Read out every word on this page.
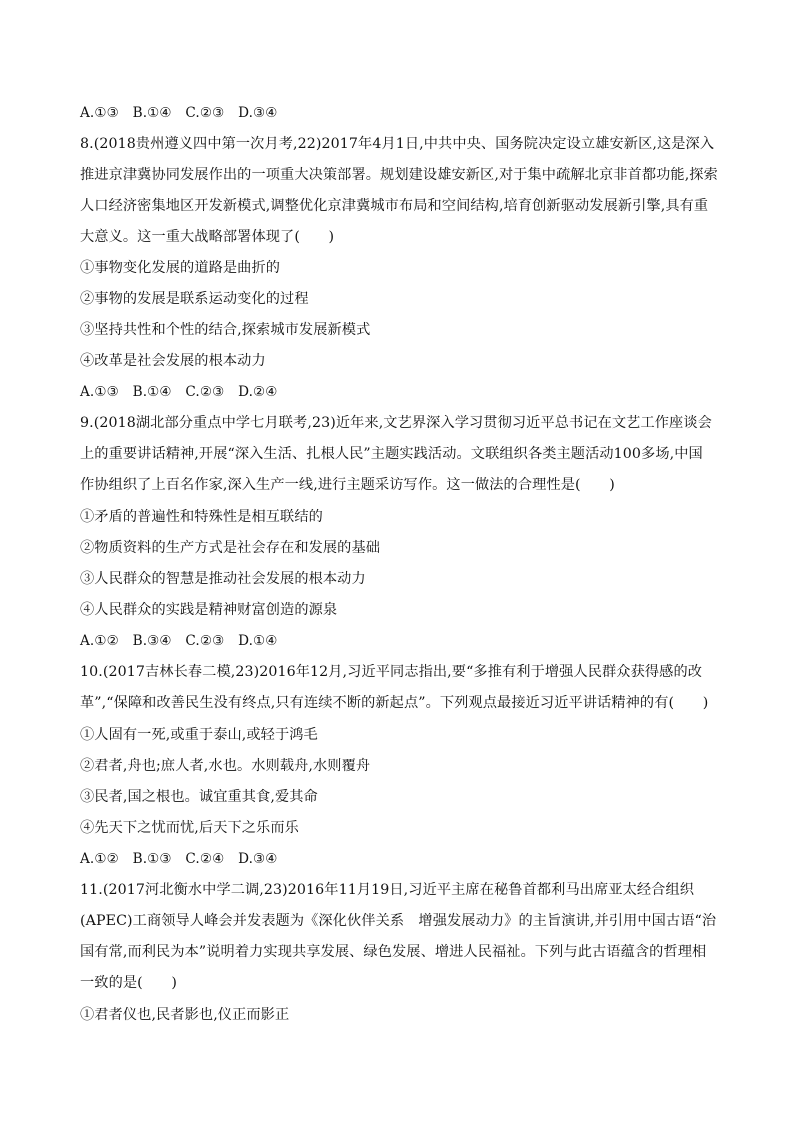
A.①③　B.①④　C.②③　D.③④
8.(2018贵州遵义四中第一次月考,22)2017年4月1日,中共中央、国务院决定设立雄安新区,这是深入
推进京津冀协同发展作出的一项重大决策部署。规划建设雄安新区,对于集中疏解北京非首都功能,探索
人口经济密集地区开发新模式,调整优化京津冀城市布局和空间结构,培育创新驱动发展新引擎,具有重
大意义。这一重大战略部署体现了(　　)
①事物变化发展的道路是曲折的
②事物的发展是联系运动变化的过程
③坚持共性和个性的结合,探索城市发展新模式
④改革是社会发展的根本动力
A.①③　B.①④　C.②③　D.②④
9.(2018湖北部分重点中学七月联考,23)近年来,文艺界深入学习贯彻习近平总书记在文艺工作座谈会
上的重要讲话精神,开展“深入生活、扎根人民”主题实践活动。文联组织各类主题活动100多场,中国
作协组织了上百名作家,深入生产一线,进行主题采访写作。这一做法的合理性是(　　)
①矛盾的普遍性和特殊性是相互联结的
②物质资料的生产方式是社会存在和发展的基础
③人民群众的智慧是推动社会发展的根本动力
④人民群众的实践是精神财富创造的源泉
A.①②　B.③④　C.②③　D.①④
10.(2017吉林长春二模,23)2016年12月,习近平同志指出,要“多推有利于增强人民群众获得感的改
革”,“保障和改善民生没有终点,只有连续不断的新起点”。下列观点最接近习近平讲话精神的有(　　)
①人固有一死,或重于泰山,或轻于鸿毛
②君者,舟也;庶人者,水也。水则载舟,水则覆舟
③民者,国之根也。诚宜重其食,爱其命
④先天下之忧而忧,后天下之乐而乐
A.①②　B.①③　C.②④　D.③④
11.(2017河北衡水中学二调,23)2016年11月19日,习近平主席在秘鲁首都利马出席亚太经合组织
(APEC)工商领导人峰会并发表题为《深化伙伴关系　增强发展动力》的主旨演讲,并引用中国古语“治
国有常,而利民为本”说明着力实现共享发展、绿色发展、增进人民福祉。下列与此古语蕴含的哲理相
一致的是(　　)
①君者仪也,民者影也,仪正而影正
